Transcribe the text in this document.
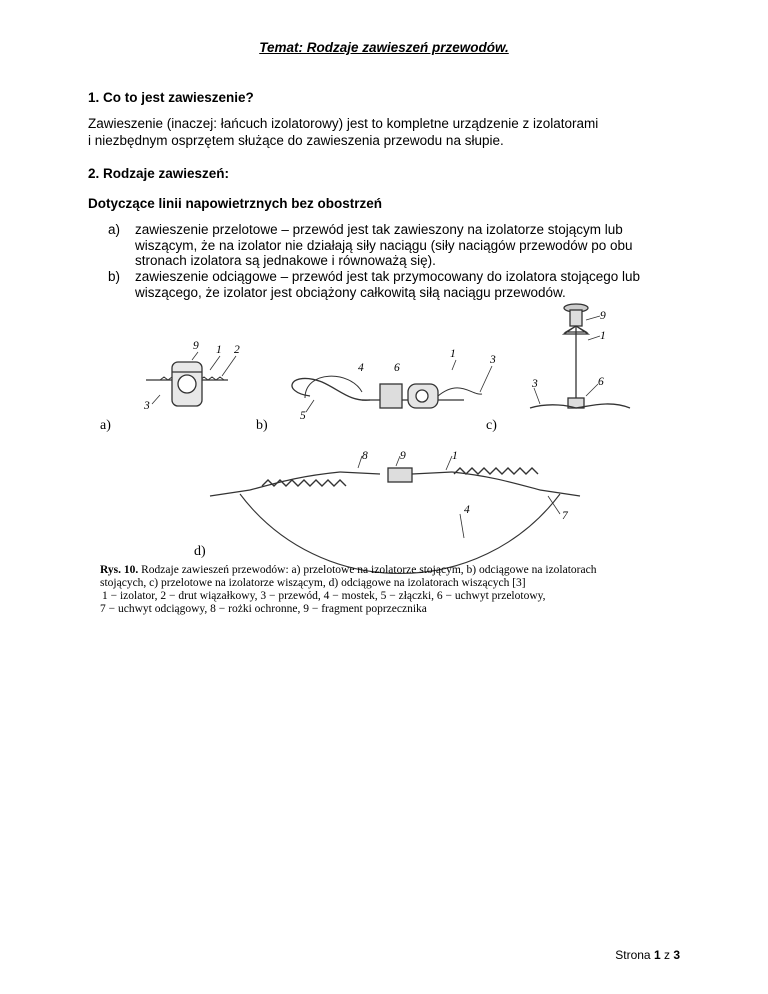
Temat: Rodzaje zawieszeń przewodów.
1. Co to jest zawieszenie?
Zawieszenie (inaczej: łańcuch izolatorowy) jest to kompletne urządzenie z izolatorami
i niezbędnym osprzętem służące do zawieszenia przewodu na słupie.
2. Rodzaje zawieszeń:
Dotyczące linii napowietrznych bez obostrzeń
a) zawieszenie przelotowe – przewód jest tak zawieszony na izolatorze stojącym lub
wiszącym, że na izolator nie działają siły naciągu (siły naciągów przewodów po obu
stronach izolatora są jednakowe i równoważą się).
b) zawieszenie odciągowe – przewód jest tak przymocowany do izolatora stojącego lub
wiszącego, że izolator jest obciążony całkowitą siłą naciągu przewodów.
a)	b)	c)
d)
9 1 2
3
4	6
1	3
5
9
1
6
3
8	9	1
4	7
Rys. 10. Rodzaje zawieszeń przewodów: a) przelotowe na izolatorze stojącym, b) odciągowe na izolatorach
stojących, c) przelotowe na izolatorze wiszącym, d) odciągowe na izolatorach wiszących [3]
1 − izolator, 2 − drut wiązałkowy, 3 − przewód, 4 − mostek, 5 − złączki, 6 − uchwyt przelotowy,
7 − uchwyt odciągowy, 8 − rożki ochronne, 9 − fragment poprzecznika
Strona 1 z 3
